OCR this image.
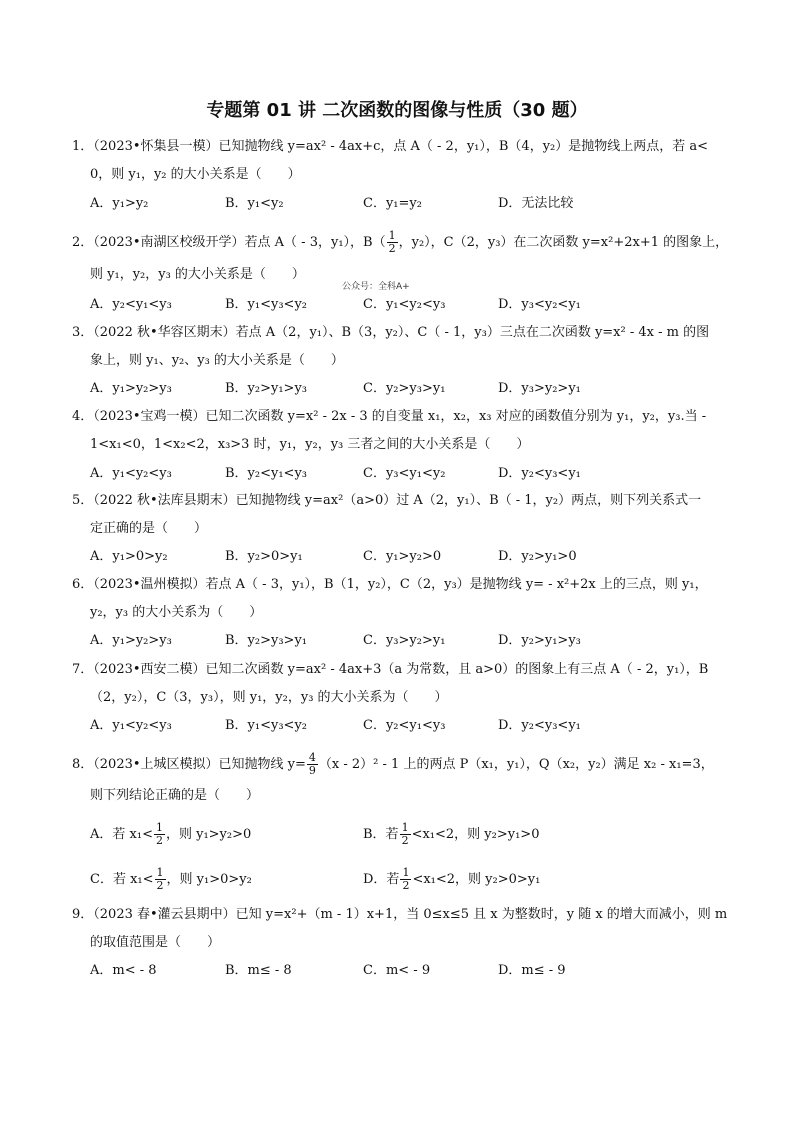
专题第 01 讲 二次函数的图像与性质（30 题）
1．（2023•怀集县一模）已知抛物线 y=ax² - 4ax+c，点 A（ - 2，y₁），B（4，y₂）是抛物线上两点，若 a<
0，则 y₁，y₂ 的大小关系是（　　）
A．y₁>y₂	B．y₁<y₂	C．y₁=y₂	D．无法比较
2．（2023•南湖区校级开学）若点 A（ - 3，y₁），$B( \frac{1}{2}$ ，y₂），C（2，y₃）在二次函数 y=x²+2x+1 的图象上，
则 y₁，y₂，y₃ 的大小关系是（　　）
公众号：全科A+
A．y₂<y₁<y₃	B．y₁<y₃<y₂	C．y₁<y₂<y₃	D．y₃<y₂<y₁
3．（2022 秋•华容区期末）若点 A（2，y₁）、B（3，y₂）、C（ - 1，y₃）三点在二次函数 y=x² - 4x - m 的图
象上，则 y₁、y₂、y₃ 的大小关系是（　　）
A．y₁>y₂>y₃	B．y₂>y₁>y₃	C．y₂>y₃>y₁	D．y₃>y₂>y₁
4．（2023•宝鸡一模）已知二次函数 y=x² - 2x - 3 的自变量 x₁，x₂，x₃ 对应的函数值分别为 y₁，y₂，y₃.当 -
1<x₁<0，1<x₂<2，x₃>3 时，y₁，y₂，y₃ 三者之间的大小关系是（　　）
A．y₁<y₂<y₃	B．y₂<y₁<y₃	C．y₃<y₁<y₂	D．y₂<y₃<y₁
5．（2022 秋•法库县期末）已知抛物线 y=ax²（a>0）过 A（2，y₁）、B（ - 1，y₂）两点，则下列关系式一
定正确的是（　　）
A．y₁>0>y₂	B．y₂>0>y₁	C．y₁>y₂>0	D．y₂>y₁>0
6．（2023•温州模拟）若点 A（ - 3，y₁），B（1，y₂），C（2，y₃）是抛物线 y= - x²+2x 上的三点，则 y₁，
y₂，y₃ 的大小关系为（　　）
A．y₁>y₂>y₃	B．y₂>y₃>y₁	C．y₃>y₂>y₁	D．y₂>y₁>y₃
7．（2023•西安二模）已知二次函数 y=ax² - 4ax+3（a 为常数，且 a>0）的图象上有三点 A（ - 2，y₁），B
（2，y₂），C（3，y₃），则 y₁，y₂，y₃ 的大小关系为（　　）
A．y₁<y₂<y₃	B．y₁<y₃<y₂	C．y₂<y₁<y₃	D．y₂<y₃<y₁
8．（2023•上城区模拟）已知抛物线 $y= \frac{4}{9} (x - 2)^2 - 1$ 上的两点 P（x₁，y₁），Q（x₂，y₂）满足 x₂ - x₁=3，
则下列结论正确的是（　　）
A．若 $x_1< \frac{1}{2}$ ，则 y₁>y₂>0	B．若 $\frac{1}{2} <x_1<2$，则 y₂>y₁>0
C．若 $x_1< \frac{1}{2}$ ，则 y₁>0>y₂	D．若 $\frac{1}{2} <x_1<2$，则 y₂>0>y₁
9．（2023 春•灌云县期中）已知 y=x²+（m - 1）x+1，当 0≤x≤5 且 x 为整数时，y 随 x 的增大而减小，则 m
的取值范围是（　　）
A．m< - 8	B．m≤ - 8	C．m< - 9	D．m≤ - 9
